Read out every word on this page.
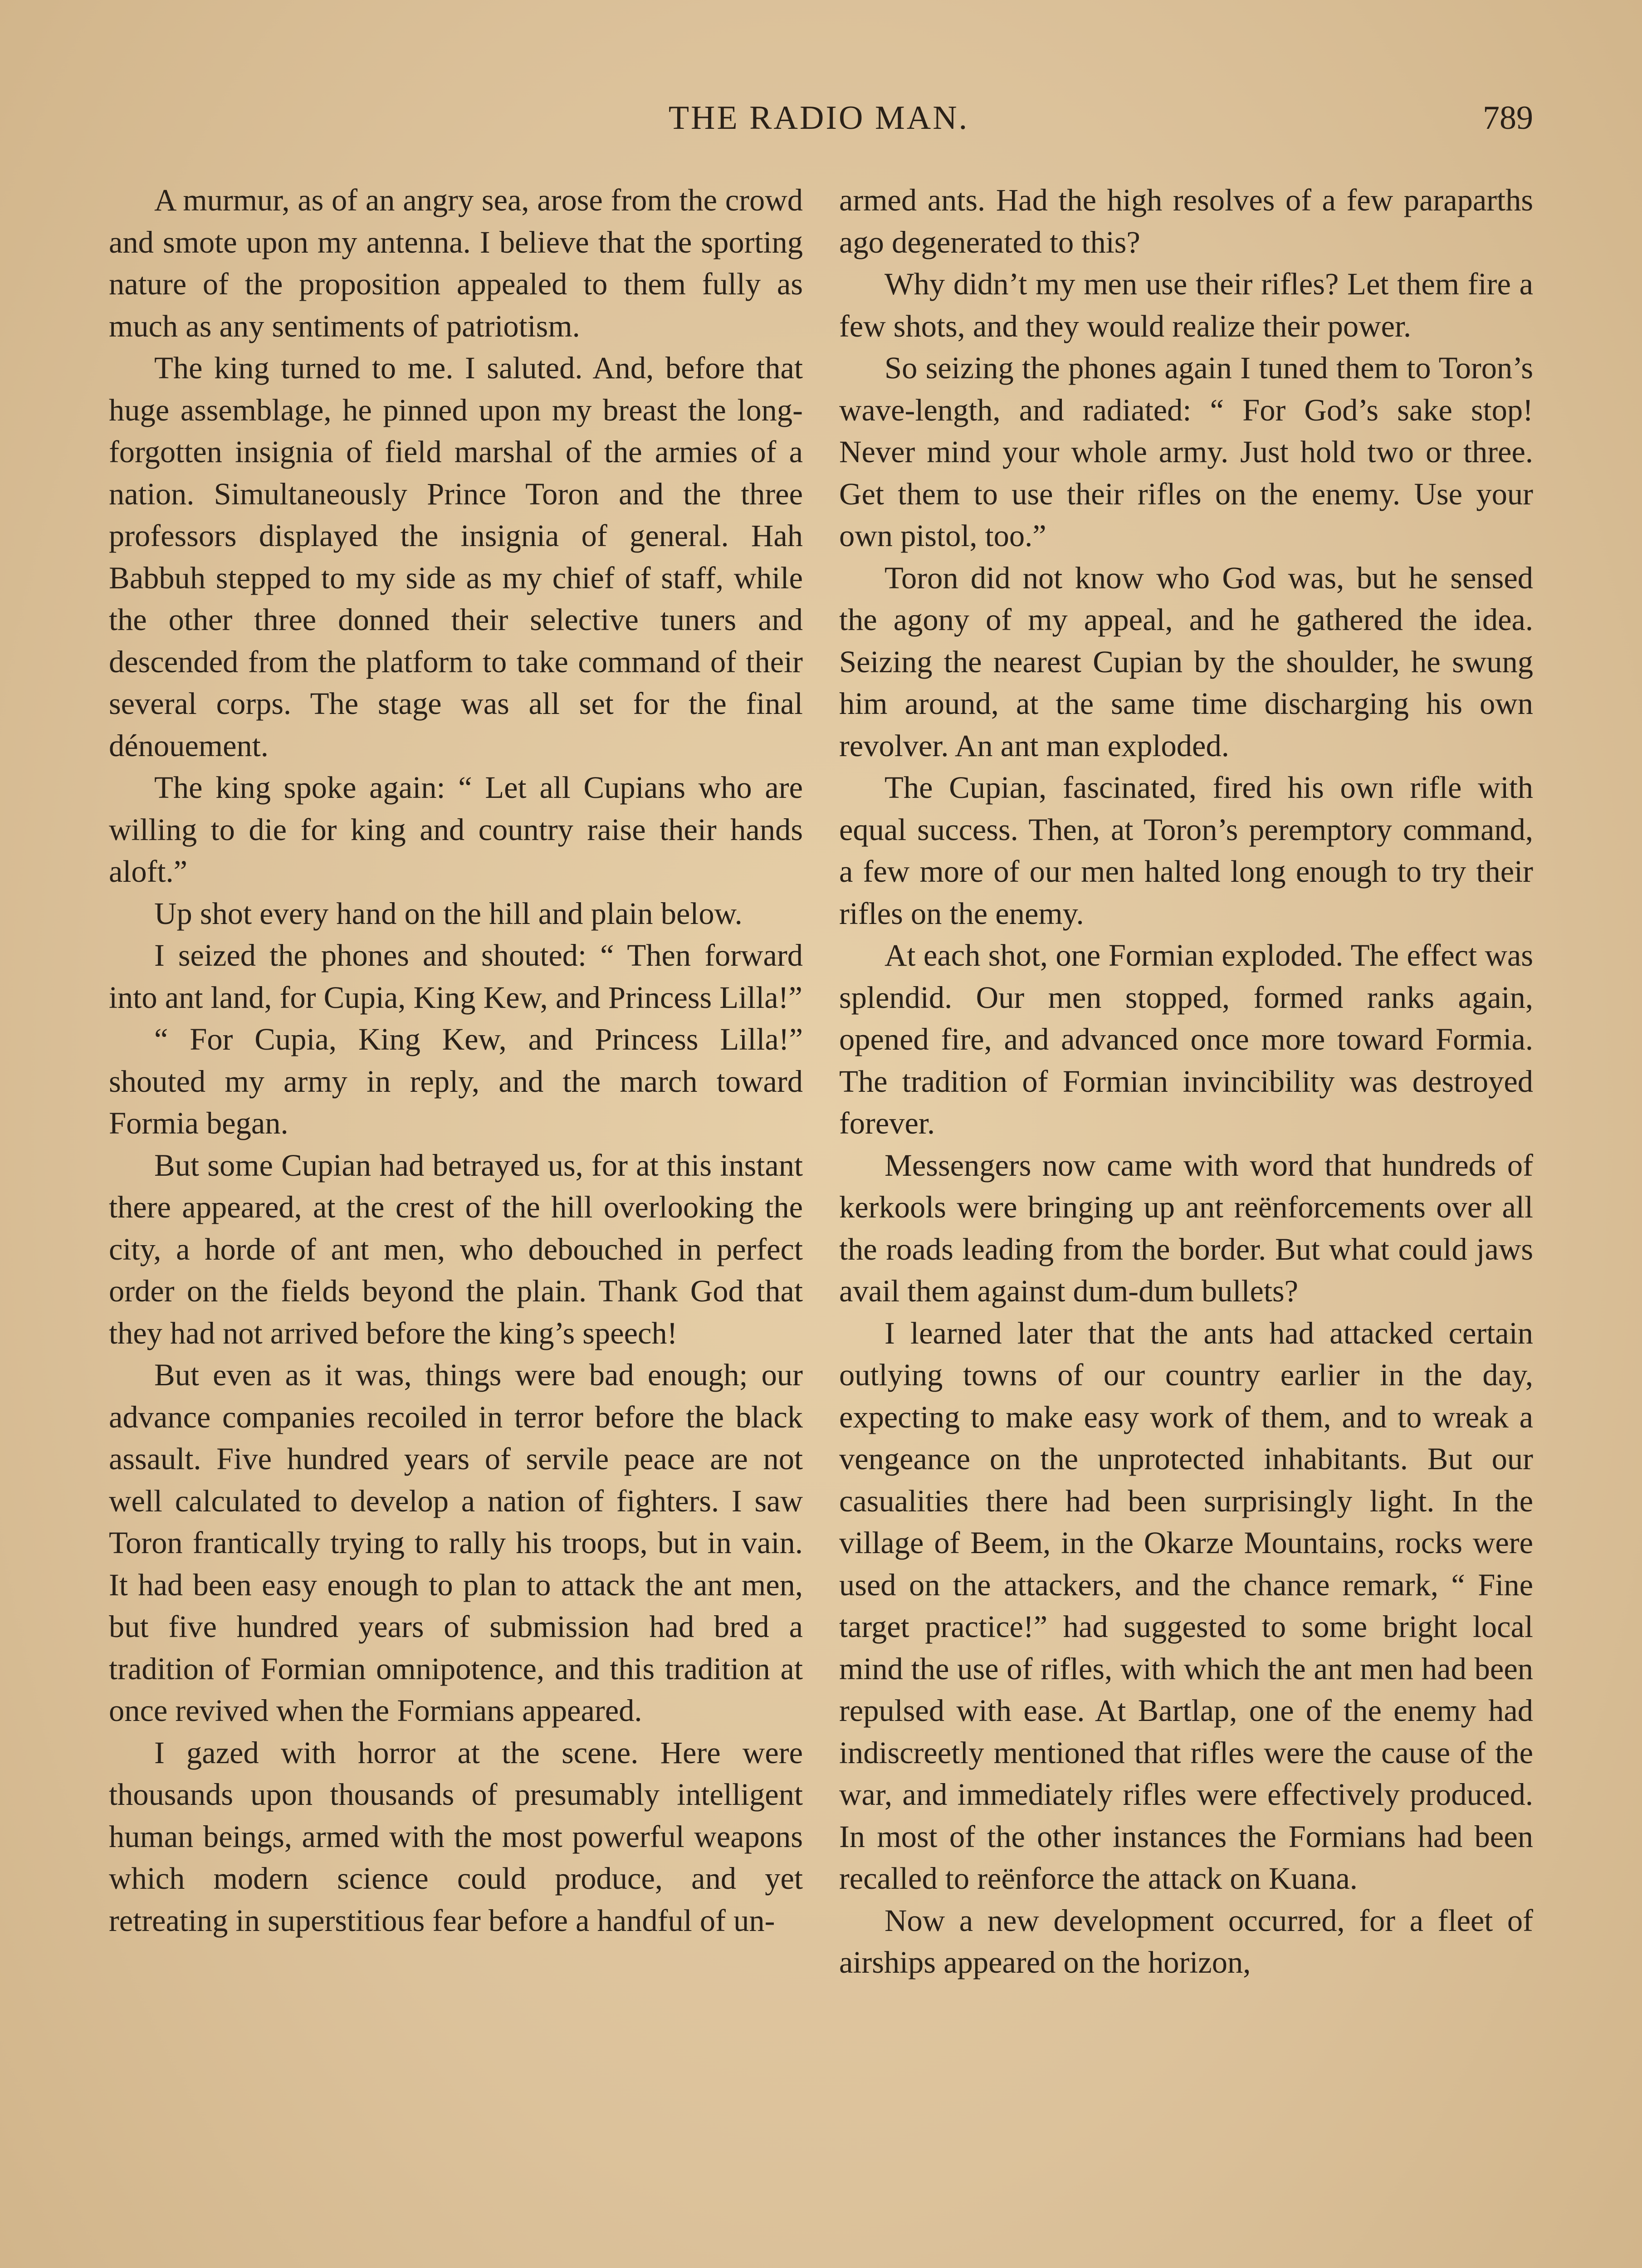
THE RADIO MAN.	789

A murmur, as of an angry sea, arose from the crowd and smote upon my antenna. I believe that the sporting nature of the proposition appealed to them fully as much as any sentiments of patriotism.

The king turned to me. I saluted. And, before that huge assemblage, he pinned upon my breast the long-forgotten insignia of field marshal of the armies of a nation. Simultaneously Prince Toron and the three professors displayed the insignia of general. Hah Babbuh stepped to my side as my chief of staff, while the other three donned their selective tuners and descended from the platform to take command of their several corps. The stage was all set for the final dénouement.

The king spoke again: “ Let all Cupians who are willing to die for king and country raise their hands aloft.”

Up shot every hand on the hill and plain below.

I seized the phones and shouted: “ Then forward into ant land, for Cupia, King Kew, and Princess Lilla!”

“ For Cupia, King Kew, and Princess Lilla!” shouted my army in reply, and the march toward Formia began.

But some Cupian had betrayed us, for at this instant there appeared, at the crest of the hill overlooking the city, a horde of ant men, who debouched in perfect order on the fields beyond the plain. Thank God that they had not arrived before the king’s speech!

But even as it was, things were bad enough; our advance companies recoiled in terror before the black assault. Five hundred years of servile peace are not well calculated to develop a nation of fighters. I saw Toron frantically trying to rally his troops, but in vain. It had been easy enough to plan to attack the ant men, but five hundred years of submission had bred a tradition of Formian omnipotence, and this tradition at once revived when the Formians appeared.

I gazed with horror at the scene. Here were thousands upon thousands of presumably intelligent human beings, armed with the most powerful weapons which modern science could produce, and yet retreating in superstitious fear before a handful of un-

armed ants. Had the high resolves of a few paraparths ago degenerated to this?

Why didn’t my men use their rifles? Let them fire a few shots, and they would realize their power.

So seizing the phones again I tuned them to Toron’s wave-length, and radiated: “ For God’s sake stop! Never mind your whole army. Just hold two or three. Get them to use their rifles on the enemy. Use your own pistol, too.”

Toron did not know who God was, but he sensed the agony of my appeal, and he gathered the idea. Seizing the nearest Cupian by the shoulder, he swung him around, at the same time discharging his own revolver. An ant man exploded.

The Cupian, fascinated, fired his own rifle with equal success. Then, at Toron’s peremptory command, a few more of our men halted long enough to try their rifles on the enemy.

At each shot, one Formian exploded. The effect was splendid. Our men stopped, formed ranks again, opened fire, and advanced once more toward Formia. The tradition of Formian invincibility was destroyed forever.

Messengers now came with word that hundreds of kerkools were bringing up ant reënforcements over all the roads leading from the border. But what could jaws avail them against dum-dum bullets?

I learned later that the ants had attacked certain outlying towns of our country earlier in the day, expecting to make easy work of them, and to wreak a vengeance on the unprotected inhabitants. But our casualities there had been surprisingly light. In the village of Beem, in the Okarze Mountains, rocks were used on the attackers, and the chance remark, “ Fine target practice!” had suggested to some bright local mind the use of rifles, with which the ant men had been repulsed with ease. At Bartlap, one of the enemy had indiscreetly mentioned that rifles were the cause of the war, and immediately rifles were effectively produced. In most of the other instances the Formians had been recalled to reënforce the attack on Kuana.

Now a new development occurred, for a fleet of airships appeared on the horizon,
